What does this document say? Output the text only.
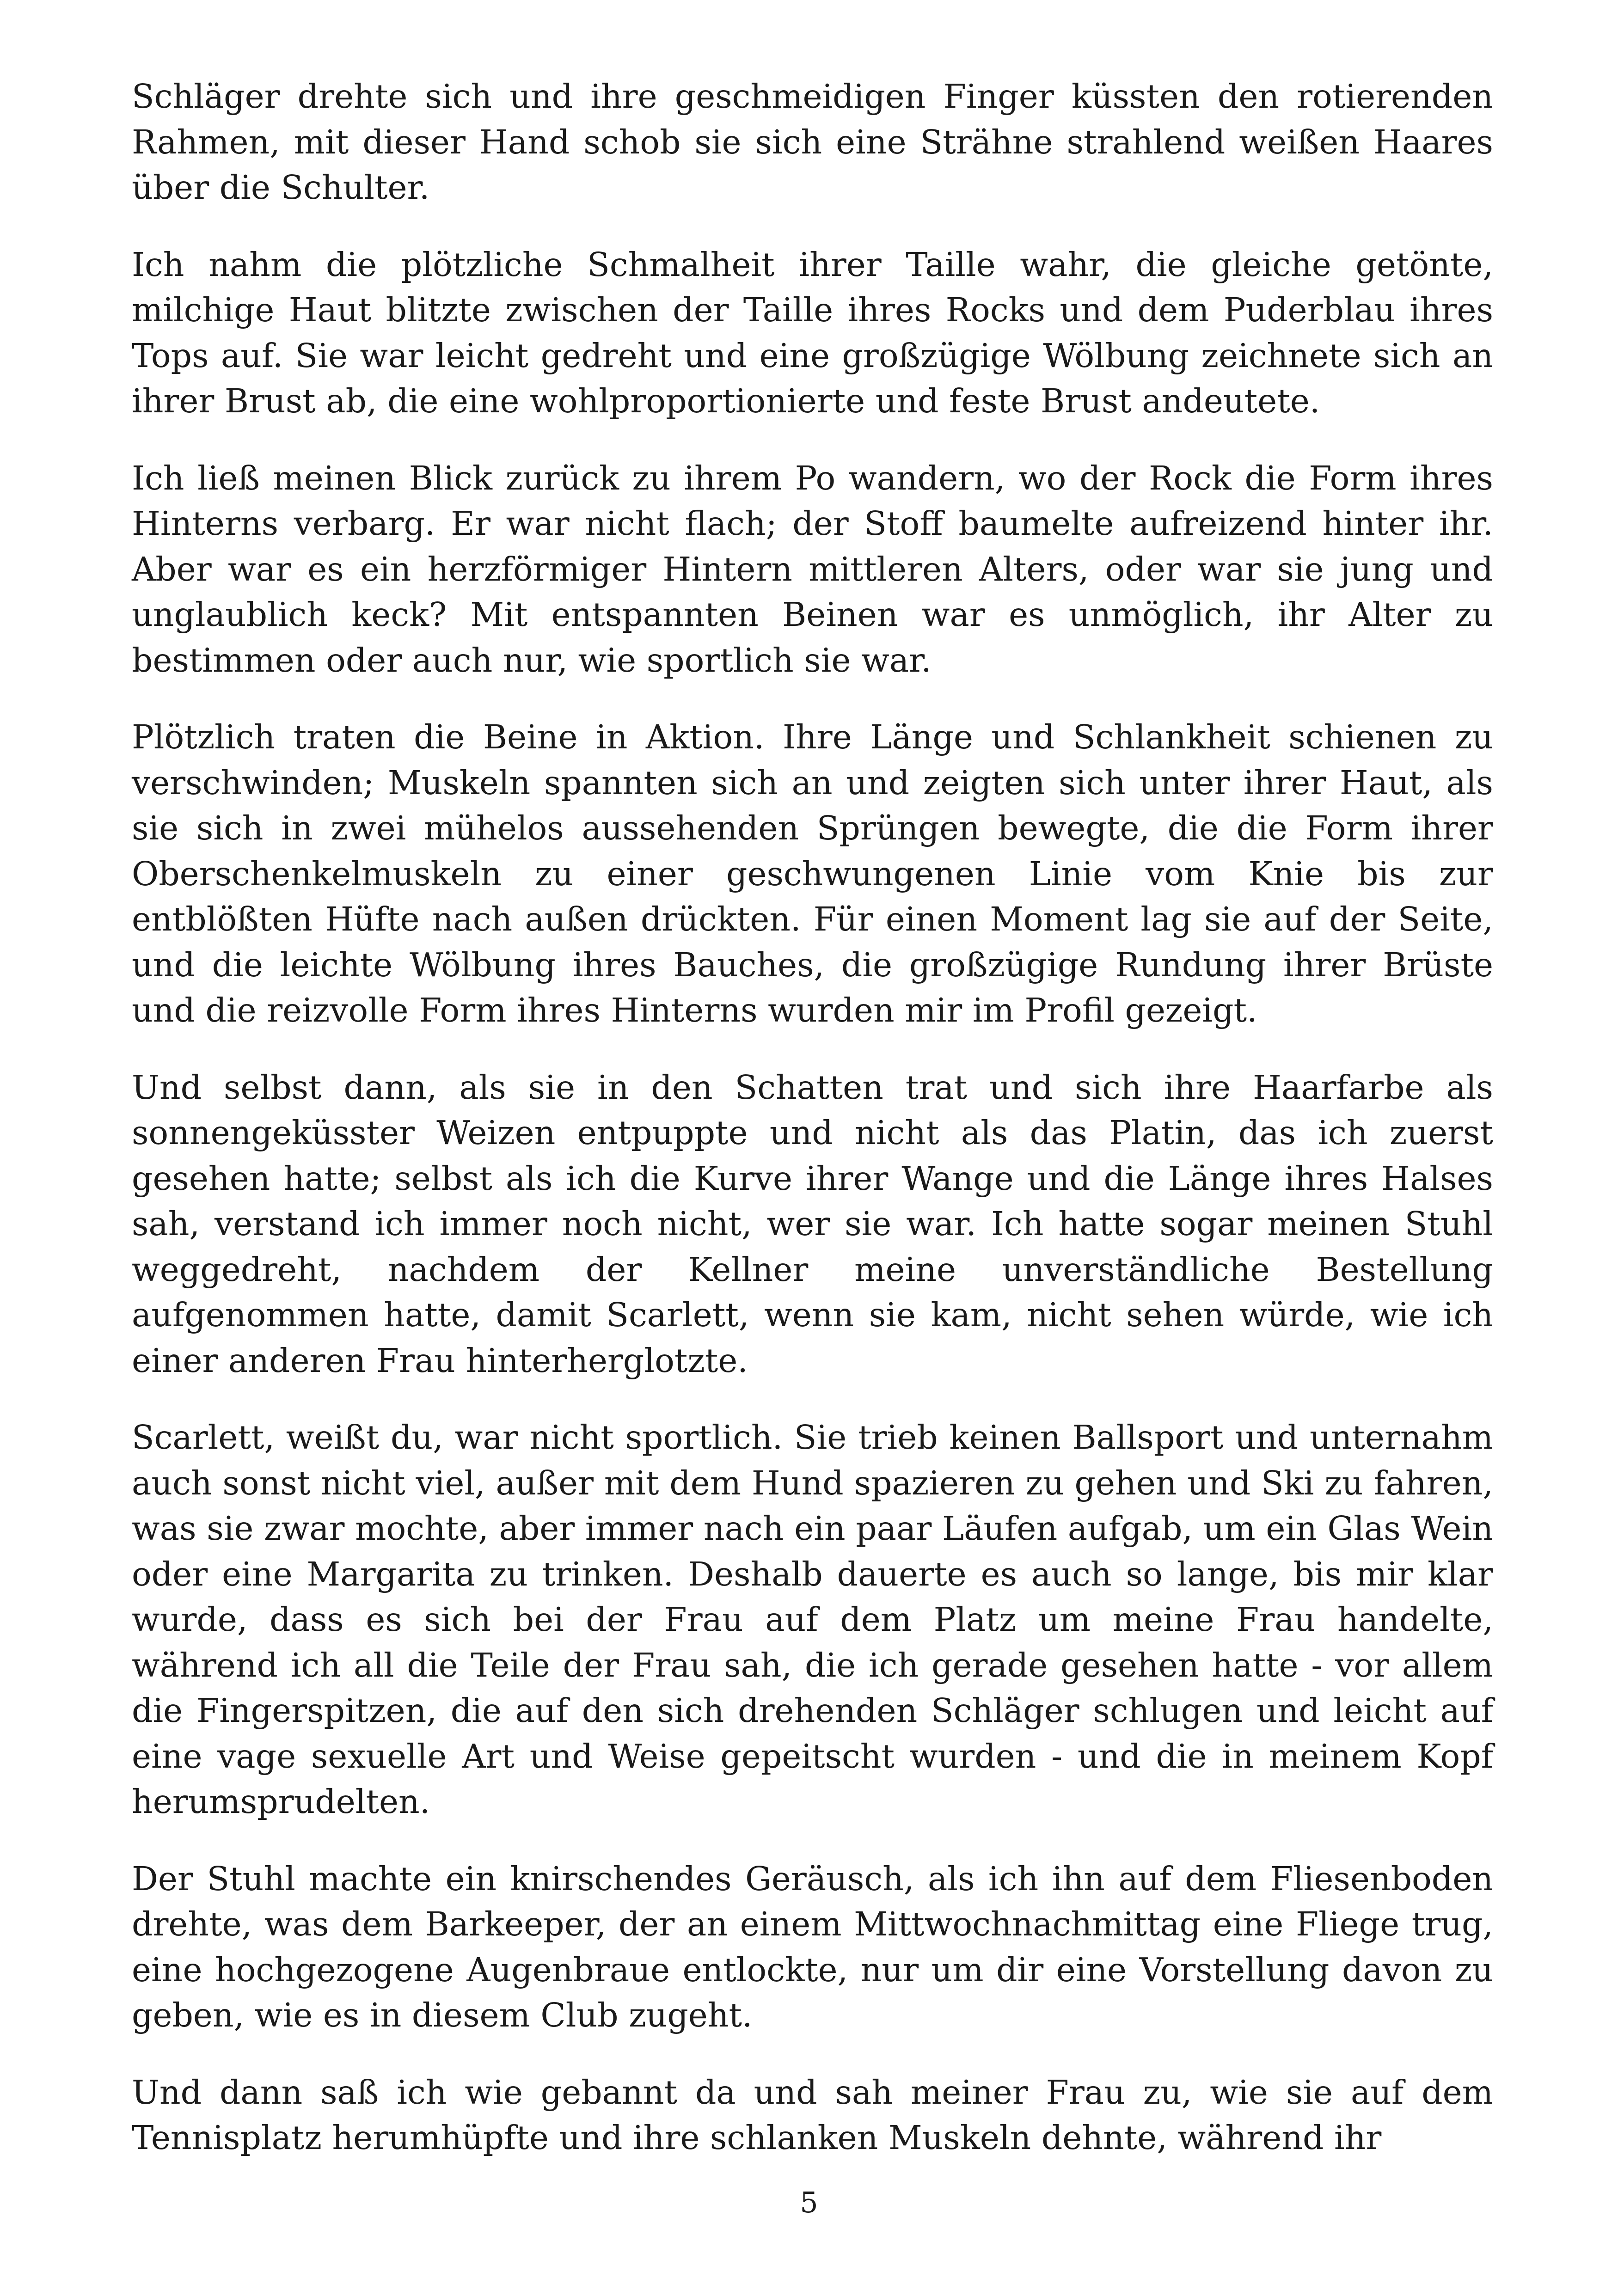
Schläger drehte sich und ihre geschmeidigen Finger küssten den rotierenden Rahmen, mit dieser Hand schob sie sich eine Strähne strahlend weißen Haares über die Schulter.

Ich nahm die plötzliche Schmalheit ihrer Taille wahr, die gleiche getönte, milchige Haut blitzte zwischen der Taille ihres Rocks und dem Puderblau ihres Tops auf. Sie war leicht gedreht und eine großzügige Wölbung zeichnete sich an ihrer Brust ab, die eine wohlproportionierte und feste Brust andeutete.

Ich ließ meinen Blick zurück zu ihrem Po wandern, wo der Rock die Form ihres Hinterns verbarg. Er war nicht flach; der Stoff baumelte aufreizend hinter ihr. Aber war es ein herzförmiger Hintern mittleren Alters, oder war sie jung und unglaublich keck? Mit entspannten Beinen war es unmöglich, ihr Alter zu bestimmen oder auch nur, wie sportlich sie war.

Plötzlich traten die Beine in Aktion. Ihre Länge und Schlankheit schienen zu verschwinden; Muskeln spannten sich an und zeigten sich unter ihrer Haut, als sie sich in zwei mühelos aussehenden Sprüngen bewegte, die die Form ihrer Oberschenkelmuskeln zu einer geschwungenen Linie vom Knie bis zur entblößten Hüfte nach außen drückten. Für einen Moment lag sie auf der Seite, und die leichte Wölbung ihres Bauches, die großzügige Rundung ihrer Brüste und die reizvolle Form ihres Hinterns wurden mir im Profil gezeigt.

Und selbst dann, als sie in den Schatten trat und sich ihre Haarfarbe als sonnengeküsster Weizen entpuppte und nicht als das Platin, das ich zuerst gesehen hatte; selbst als ich die Kurve ihrer Wange und die Länge ihres Halses sah, verstand ich immer noch nicht, wer sie war. Ich hatte sogar meinen Stuhl weggedreht, nachdem der Kellner meine unverständliche Bestellung aufgenommen hatte, damit Scarlett, wenn sie kam, nicht sehen würde, wie ich einer anderen Frau hinterherglotzte.

Scarlett, weißt du, war nicht sportlich. Sie trieb keinen Ballsport und unternahm auch sonst nicht viel, außer mit dem Hund spazieren zu gehen und Ski zu fahren, was sie zwar mochte, aber immer nach ein paar Läufen aufgab, um ein Glas Wein oder eine Margarita zu trinken. Deshalb dauerte es auch so lange, bis mir klar wurde, dass es sich bei der Frau auf dem Platz um meine Frau handelte, während ich all die Teile der Frau sah, die ich gerade gesehen hatte - vor allem die Fingerspitzen, die auf den sich drehenden Schläger schlugen und leicht auf eine vage sexuelle Art und Weise gepeitscht wurden - und die in meinem Kopf herumsprudelten.

Der Stuhl machte ein knirschendes Geräusch, als ich ihn auf dem Fliesenboden drehte, was dem Barkeeper, der an einem Mittwochnachmittag eine Fliege trug, eine hochgezogene Augenbraue entlockte, nur um dir eine Vorstellung davon zu geben, wie es in diesem Club zugeht.

Und dann saß ich wie gebannt da und sah meiner Frau zu, wie sie auf dem Tennisplatz herumhüpfte und ihre schlanken Muskeln dehnte, während ihr

5
